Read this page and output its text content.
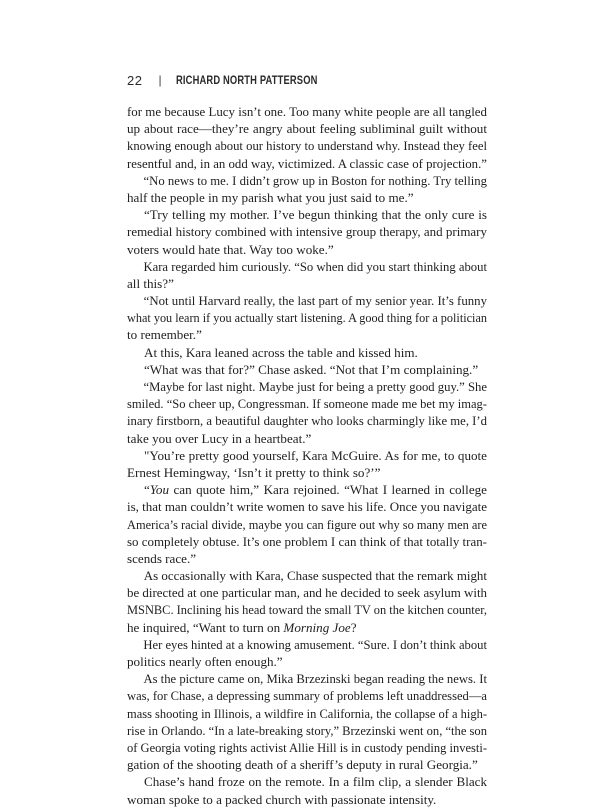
22 | RICHARD NORTH PATTERSON
for me because Lucy isn’t one. Too many white people are all tangled
up about race—they’re angry about feeling subliminal guilt without
knowing enough about our history to understand why. Instead they feel
resentful and, in an odd way, victimized. A classic case of projection.”
“No news to me. I didn’t grow up in Boston for nothing. Try telling
half the people in my parish what you just said to me.”
“Try telling my mother. I’ve begun thinking that the only cure is
remedial history combined with intensive group therapy, and primary
voters would hate that. Way too woke.”
Kara regarded him curiously. “So when did you start thinking about
all this?”
“Not until Harvard really, the last part of my senior year. It’s funny
what you learn if you actually start listening. A good thing for a politician
to remember.”
At this, Kara leaned across the table and kissed him.
“What was that for?” Chase asked. “Not that I’m complaining.”
“Maybe for last night. Maybe just for being a pretty good guy.” She
smiled. “So cheer up, Congressman. If someone made me bet my imag-
inary firstborn, a beautiful daughter who looks charmingly like me, I’d
take you over Lucy in a heartbeat.”
"You’re pretty good yourself, Kara McGuire. As for me, to quote
Ernest Hemingway, ‘Isn’t it pretty to think so?’”
“You can quote him,” Kara rejoined. “What I learned in college
is, that man couldn’t write women to save his life. Once you navigate
America’s racial divide, maybe you can figure out why so many men are
so completely obtuse. It’s one problem I can think of that totally tran-
scends race.”
As occasionally with Kara, Chase suspected that the remark might
be directed at one particular man, and he decided to seek asylum with
MSNBC. Inclining his head toward the small TV on the kitchen counter,
he inquired, “Want to turn on Morning Joe?
Her eyes hinted at a knowing amusement. “Sure. I don’t think about
politics nearly often enough.”
As the picture came on, Mika Brzezinski began reading the news. It
was, for Chase, a depressing summary of problems left unaddressed—a
mass shooting in Illinois, a wildfire in California, the collapse of a high-
rise in Orlando. “In a late-breaking story,” Brzezinski went on, “the son
of Georgia voting rights activist Allie Hill is in custody pending investi-
gation of the shooting death of a sheriff’s deputy in rural Georgia.”
Chase’s hand froze on the remote. In a film clip, a slender Black
woman spoke to a packed church with passionate intensity.
